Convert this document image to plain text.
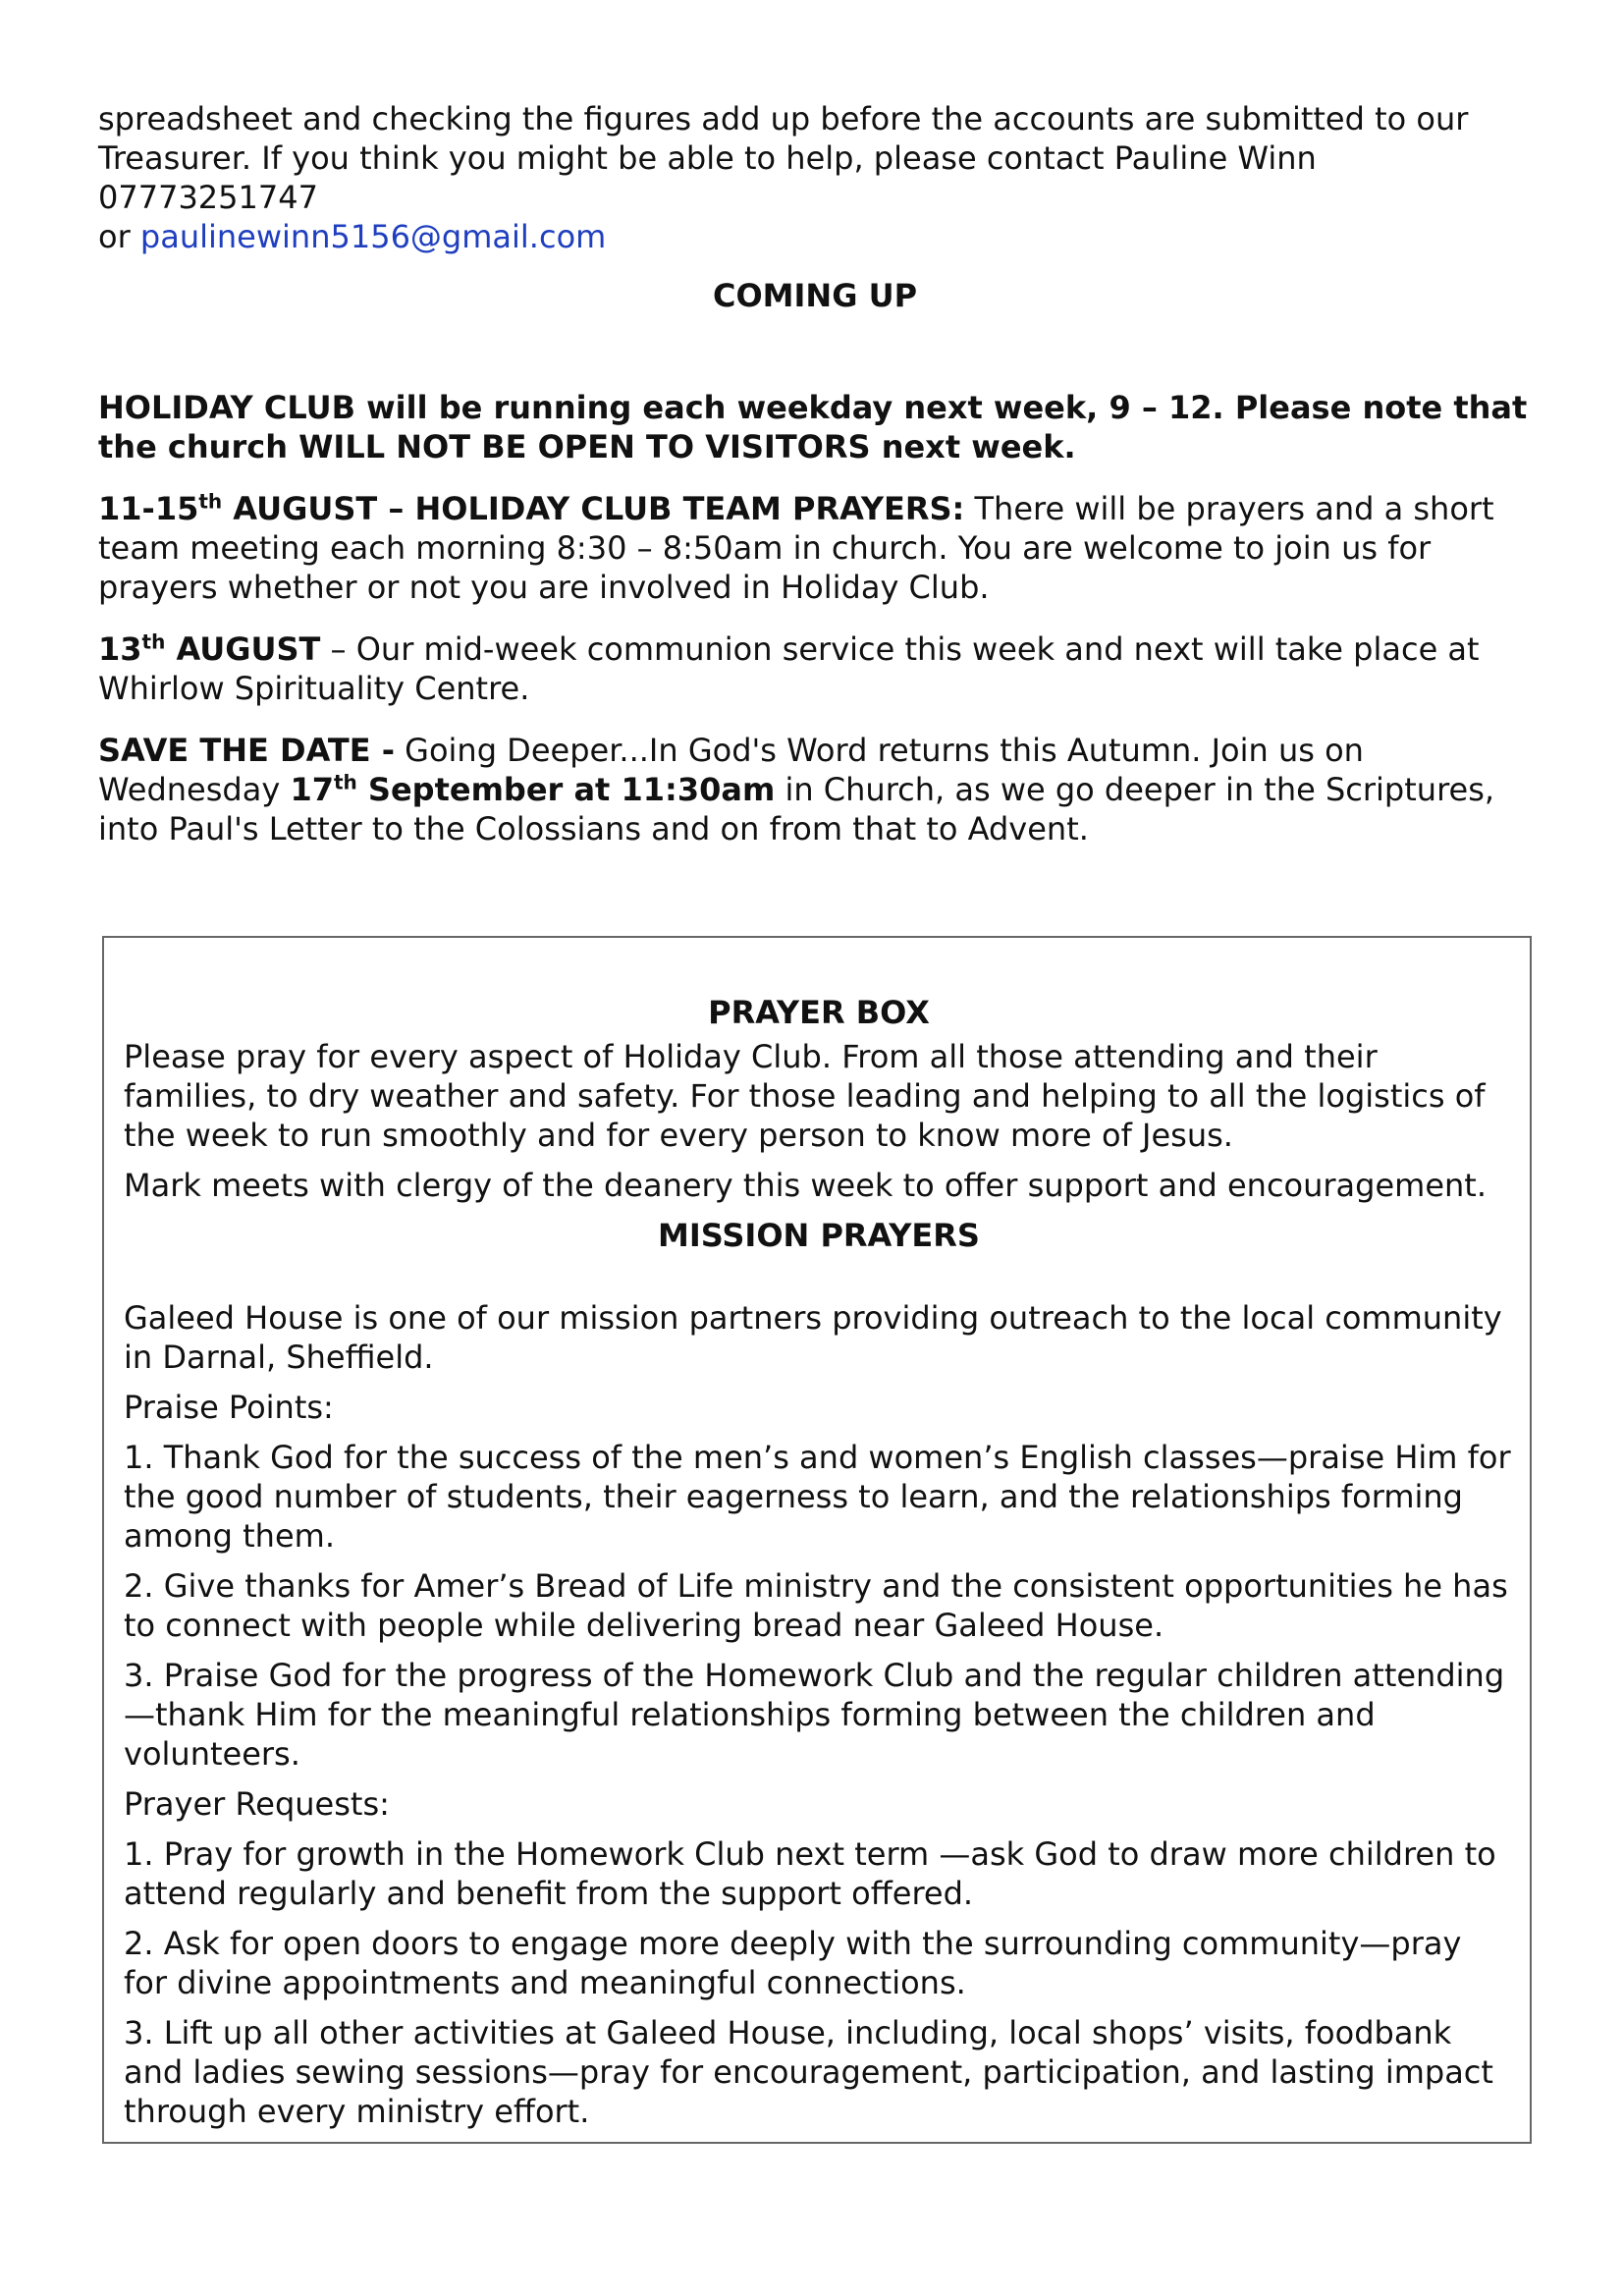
spreadsheet and checking the figures add up before the accounts are submitted to our

Treasurer. If you think you might be able to help, please contact Pauline Winn 07773251747

or paulinewinn5156@gmail.com

COMING UP

HOLIDAY CLUB will be running each weekday next week, 9 – 12. Please note that the church WILL NOT BE OPEN TO VISITORS next week.

11-15th AUGUST – HOLIDAY CLUB TEAM PRAYERS: There will be prayers and a short team meeting each morning 8:30 – 8:50am in church. You are welcome to join us for prayers whether or not you are involved in Holiday Club.

13th AUGUST – Our mid-week communion service this week and next will take place at Whirlow Spirituality Centre.

SAVE THE DATE - Going Deeper...In God's Word returns this Autumn. Join us on Wednesday 17th September at 11:30am in Church, as we go deeper in the Scriptures, into Paul's Letter to the Colossians and on from that to Advent.

PRAYER BOX

Please pray for every aspect of Holiday Club. From all those attending and their families, to dry weather and safety. For those leading and helping to all the logistics of the week to run smoothly and for every person to know more of Jesus.

Mark meets with clergy of the deanery this week to offer support and encouragement.

MISSION PRAYERS

Galeed House is one of our mission partners providing outreach to the local community in Darnal, Sheffield.

Praise Points:

1. Thank God for the success of the men’s and women’s English classes—praise Him for the good number of students, their eagerness to learn, and the relationships forming among them.

2. Give thanks for Amer’s Bread of Life ministry and the consistent opportunities he has to connect with people while delivering bread near Galeed House.

3. Praise God for the progress of the Homework Club and the regular children attending—thank Him for the meaningful relationships forming between the children and volunteers.

Prayer Requests:

1. Pray for growth in the Homework Club next term —ask God to draw more children to attend regularly and benefit from the support offered.

2. Ask for open doors to engage more deeply with the surrounding community—pray for divine appointments and meaningful connections.

3. Lift up all other activities at Galeed House, including, local shops’ visits, foodbank and ladies sewing sessions—pray for encouragement, participation, and lasting impact through every ministry effort.
